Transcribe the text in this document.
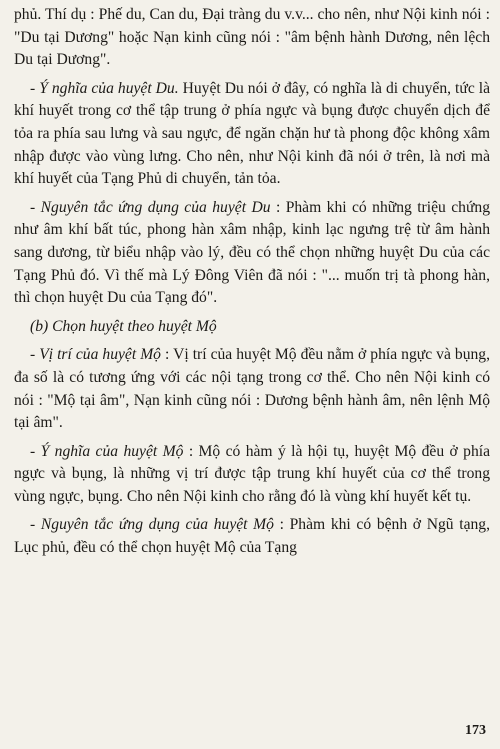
phủ. Thí dụ : Phế du, Can du, Đại tràng du v.v... cho nên, như Nội kinh nói : "Du tại Dương" hoặc Nạn kinh cũng nói : "âm bệnh hành Dương, nên lệch Du tại Dương".

- Ý nghĩa của huyệt Du. Huyệt Du nói ở đây, có nghĩa là di chuyển, tức là khí huyết trong cơ thể tập trung ở phía ngực và bụng được chuyển dịch để tỏa ra phía sau lưng và sau ngực, để ngăn chặn hư tà phong độc không xâm nhập được vào vùng lưng. Cho nên, như Nội kinh đã nói ở trên, là nơi mà khí huyết của Tạng Phủ di chuyển, tản tỏa.

- Nguyên tắc ứng dụng của huyệt Du : Phàm khi có những triệu chứng như âm khí bất túc, phong hàn xâm nhập, kinh lạc ngưng trệ từ âm hành sang dương, từ biểu nhập vào lý, đều có thể chọn những huyệt Du của các Tạng Phủ đó. Vì thế mà Lý Đông Viên đã nói : "... muốn trị tà phong hàn, thì chọn huyệt Du của Tạng đó".

(b) Chọn huyệt theo huyệt Mộ

- Vị trí của huyệt Mộ : Vị trí của huyệt Mộ đều nằm ở phía ngực và bụng, đa số là có tương ứng với các nội tạng trong cơ thể. Cho nên Nội kinh có nói : "Mộ tại âm", Nạn kinh cũng nói : Dương bệnh hành âm, nên lệnh Mộ tại âm".

- Ý nghĩa của huyệt Mộ : Mộ có hàm ý là hội tụ, huyệt Mộ đều ở phía ngực và bụng, là những vị trí được tập trung khí huyết của cơ thể trong vùng ngực, bụng. Cho nên Nội kinh cho rằng đó là vùng khí huyết kết tụ.

- Nguyên tắc ứng dụng của huyệt Mộ : Phàm khi có bệnh ở Ngũ tạng, Lục phủ, đều có thể chọn huyệt Mộ của Tạng

173
